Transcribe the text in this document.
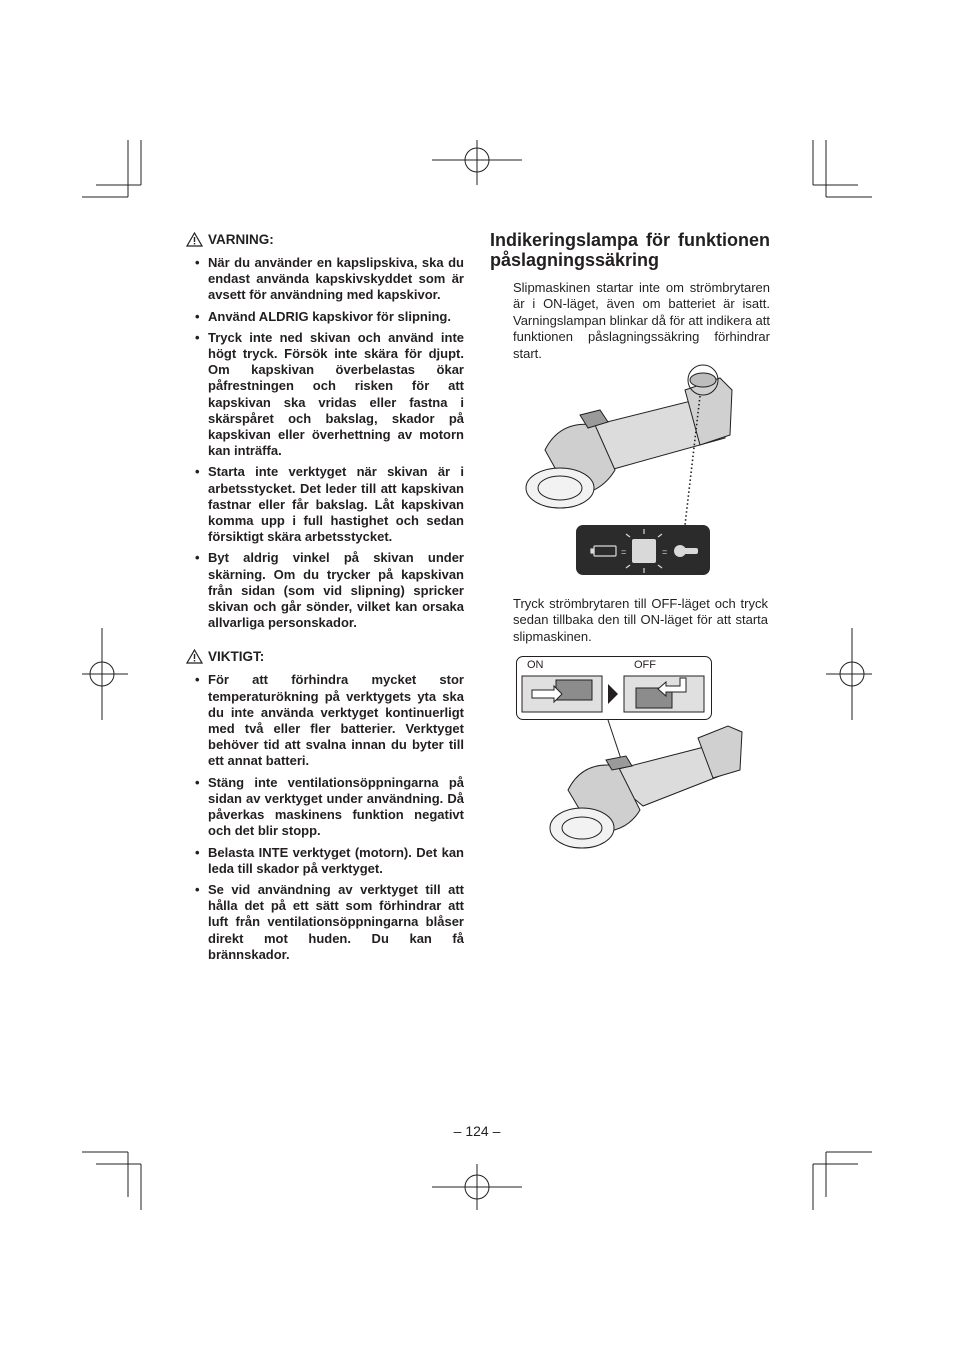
VARNING:
• När du använder en kapslipskiva, ska du endast använda kapskivskyddet som är avsett för användning med kapskivor.
• Använd ALDRIG kapskivor för slipning.
• Tryck inte ned skivan och använd inte högt tryck. Försök inte skära för djupt. Om kapskivan överbelastas ökar påfrestningen och risken för att kapskivan ska vridas eller fastna i skärspåret och bakslag, skador på kapskivan eller överhettning av motorn kan inträffa.
• Starta inte verktyget när skivan är i arbetsstycket. Det leder till att kapskivan fastnar eller får bakslag. Låt kapskivan komma upp i full hastighet och sedan försiktigt skära arbetsstycket.
• Byt aldrig vinkel på skivan under skärning. Om du trycker på kapskivan från sidan (som vid slipning) spricker skivan och går sönder, vilket kan orsaka allvarliga personskador.
VIKTIGT:
• För att förhindra mycket stor temperaturökning på verktygets yta ska du inte använda verktyget kontinuerligt med två eller fler batterier. Verktyget behöver tid att svalna innan du byter till ett annat batteri.
• Stäng inte ventilationsöppningarna på sidan av verktyget under användning. Då påverkas maskinens funktion negativt och det blir stopp.
• Belasta INTE verktyget (motorn). Det kan leda till skador på verktyget.
• Se vid användning av verktyget till att hålla det på ett sätt som förhindrar att luft från ventilationsöppningarna blåser direkt mot huden. Du kan få brännskador.
Indikeringslampa för funktionen påslagningssäkring

Slipmaskinen startar inte om strömbrytaren är i ON-läget, även om batteriet är isatt. Varningslampan blinkar då för att indikera att funktionen påslagningssäkring förhindrar start.

=	=

Tryck strömbrytaren till OFF-läget och tryck sedan tillbaka den till ON-läget för att starta slipmaskinen.

ON	OFF
– 124 –
